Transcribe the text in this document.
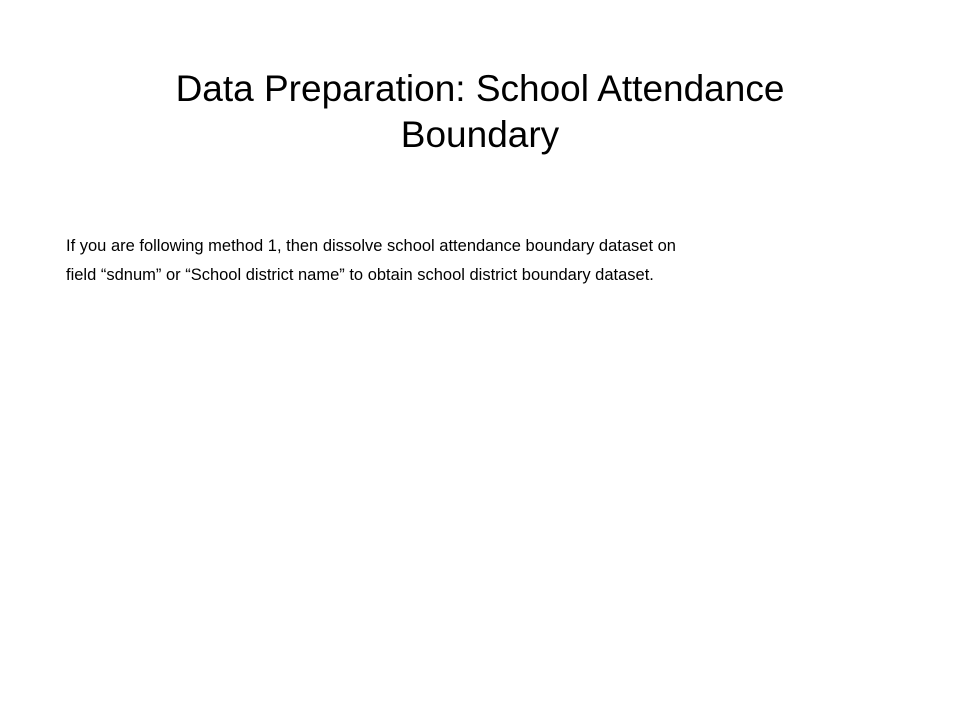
Data Preparation: School Attendance
Boundary

If you are following method 1, then dissolve school attendance boundary dataset on
field “sdnum” or “School district name” to obtain school district boundary dataset.
